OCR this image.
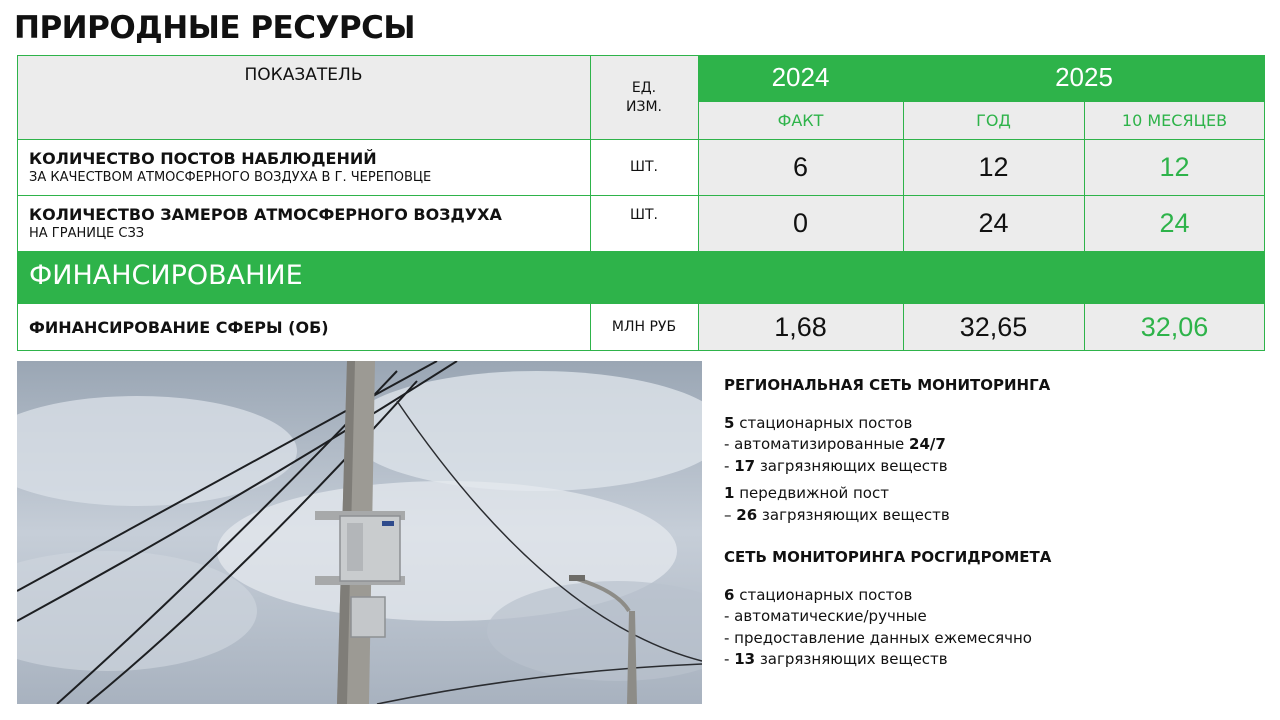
ПРИРОДНЫЕ РЕСУРСЫ
ПОКАЗАТЕЛЬ
ЕД.
ИЗМ.
2024	2025
ФАКТ	ГОД	10 МЕСЯЦЕВ
КОЛИЧЕСТВО ПОСТОВ НАБЛЮДЕНИЙ
ЗА КАЧЕСТВОМ АТМОСФЕРНОГО ВОЗДУХА В Г. ЧЕРЕПОВЦЕ
ШТ.	6	12	12
КОЛИЧЕСТВО ЗАМЕРОВ АТМОСФЕРНОГО ВОЗДУХА
НА ГРАНИЦЕ СЗЗ
ШТ.	0	24	24
ФИНАНСИРОВАНИЕ
ФИНАНСИРОВАНИЕ СФЕРЫ (ОБ)	МЛН РУБ	1,68	32,65	32,06
РЕГИОНАЛЬНАЯ СЕТЬ МОНИТОРИНГА
5 стационарных постов
- автоматизированные 24/7
- 17 загрязняющих веществ
1 передвижной пост
– 26 загрязняющих веществ
СЕТЬ МОНИТОРИНГА РОСГИДРОМЕТА
6 стационарных постов
- автоматические/ручные
- предоставление данных ежемесячно
- 13 загрязняющих веществ
